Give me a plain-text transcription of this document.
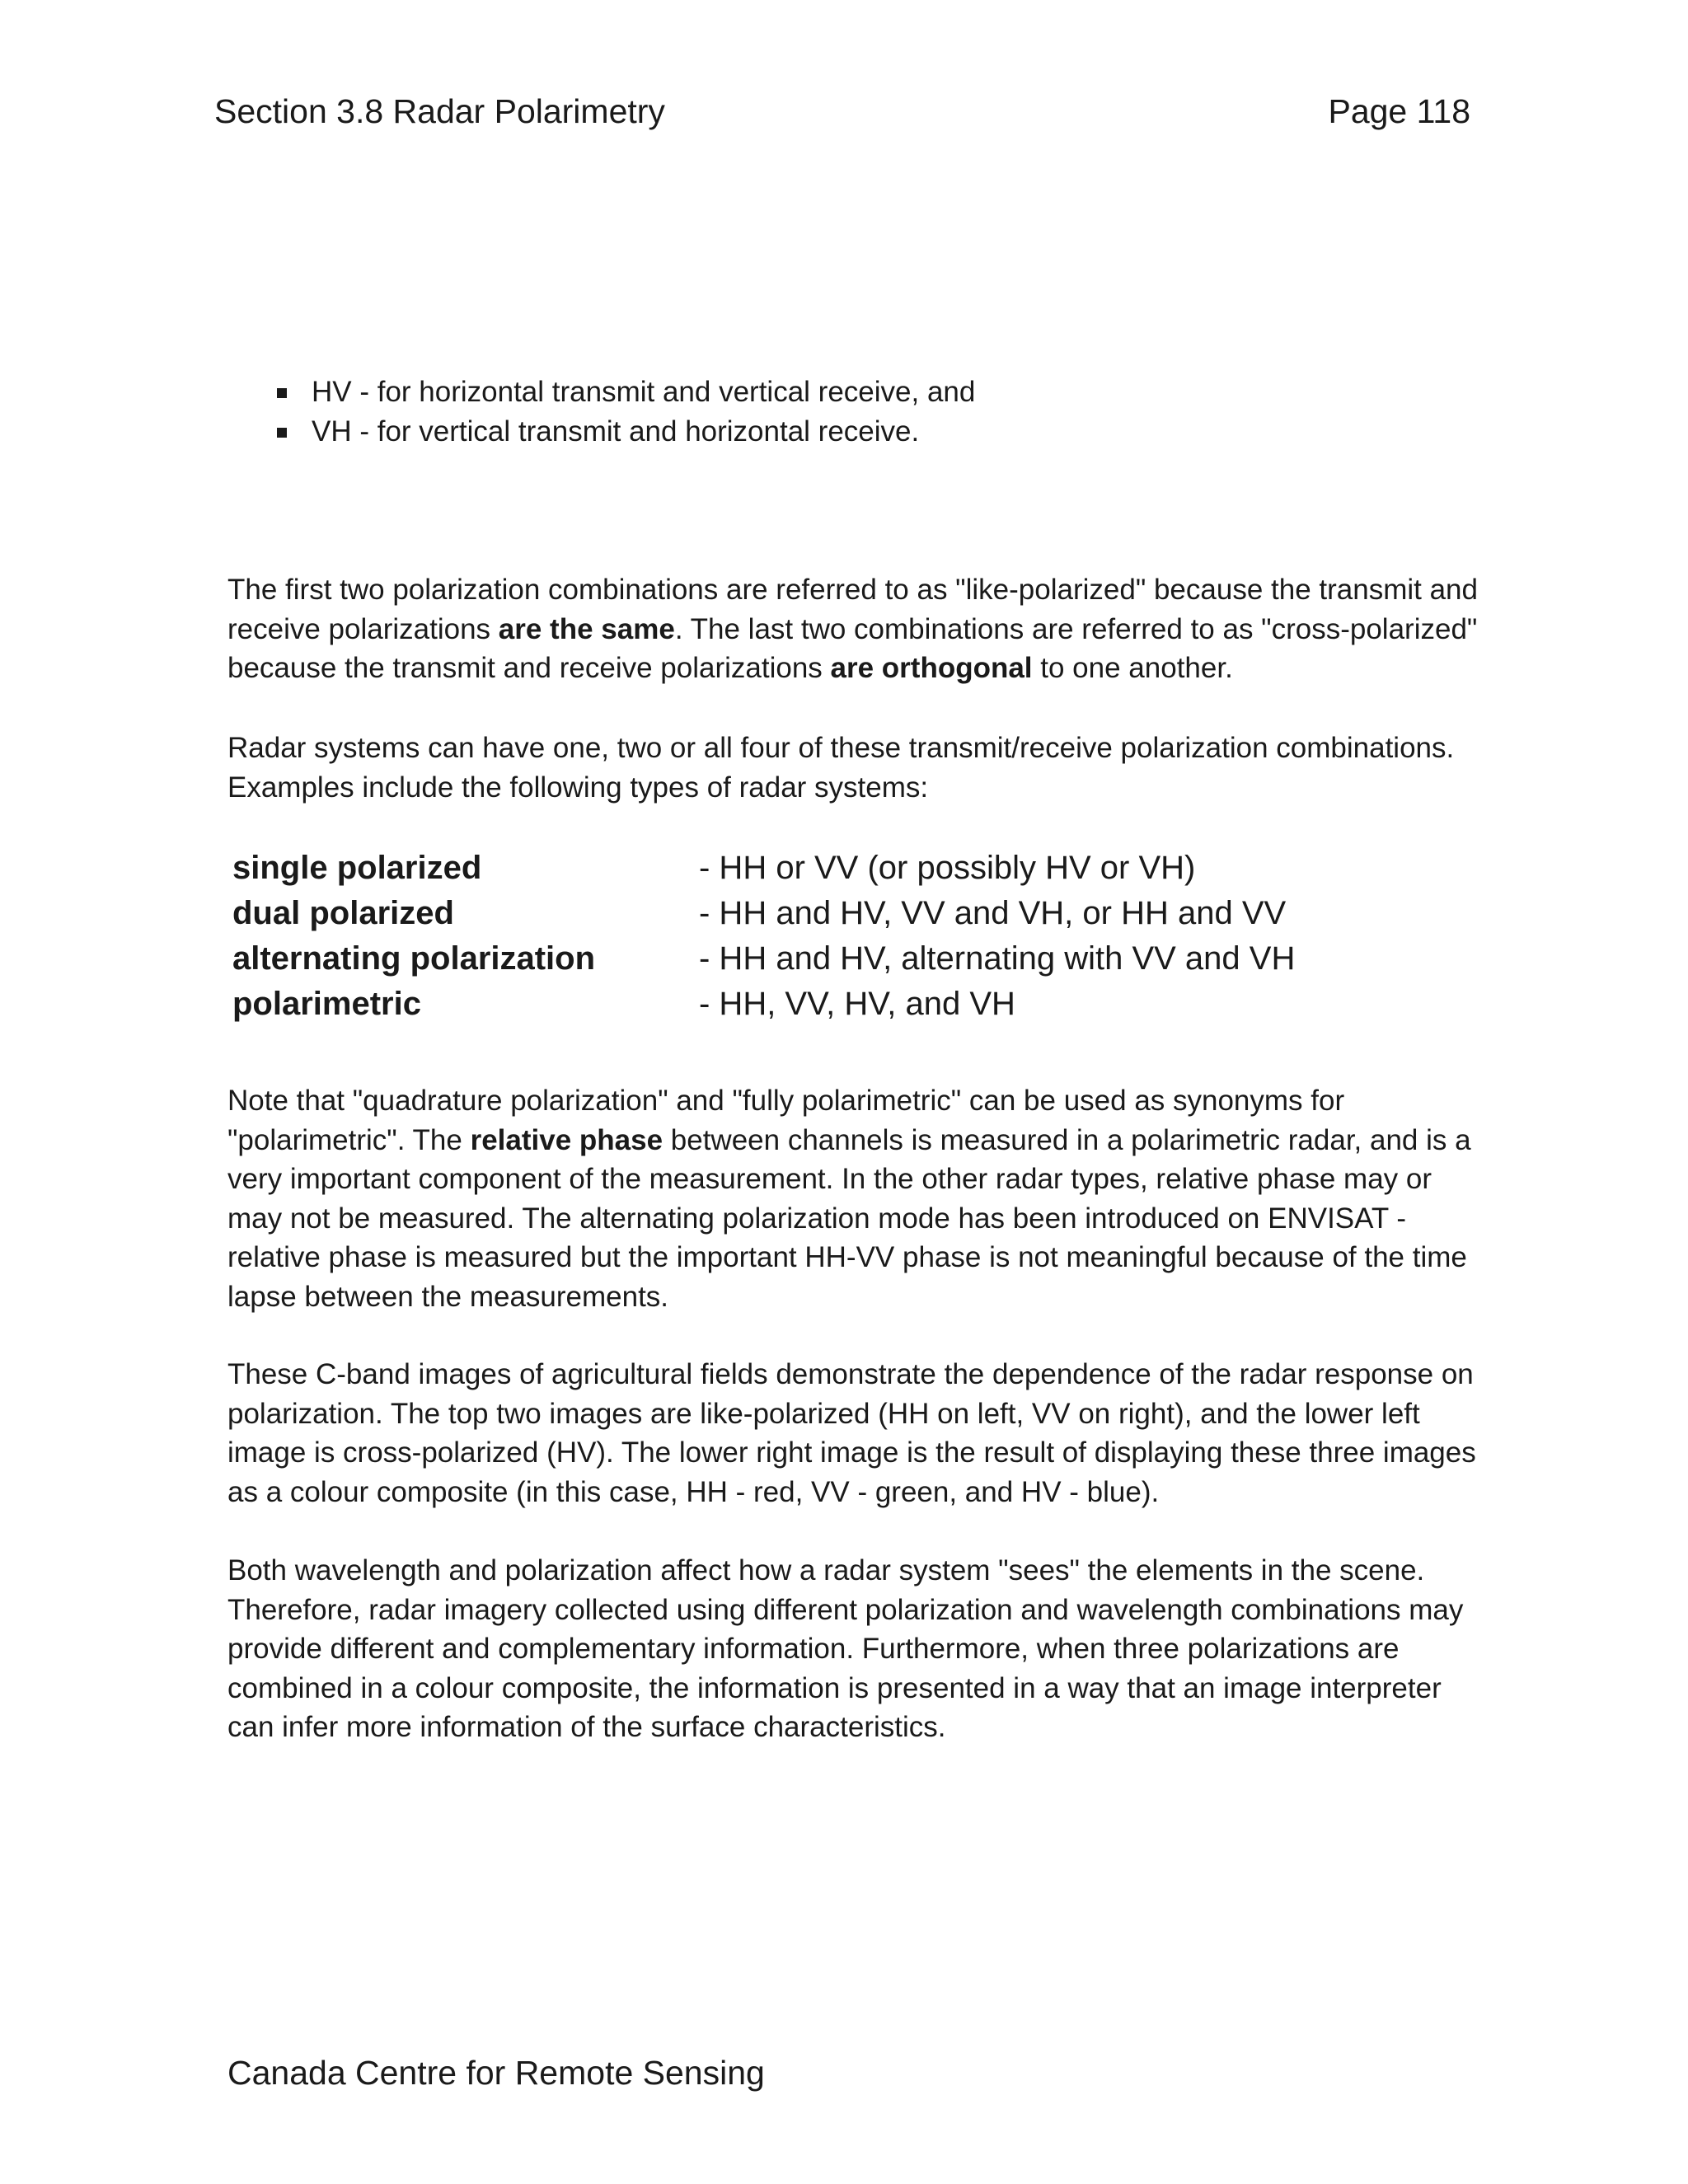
Section 3.8 Radar Polarimetry	Page 118
HV - for horizontal transmit and vertical receive, and
VH - for vertical transmit and horizontal receive.

The first two polarization combinations are referred to as "like-polarized" because the transmit and receive polarizations are the same. The last two combinations are referred to as "cross-polarized" because the transmit and receive polarizations are orthogonal to one another.

Radar systems can have one, two or all four of these transmit/receive polarization combinations. Examples include the following types of radar systems:

single polarized	- HH or VV (or possibly HV or VH)
dual polarized	- HH and HV, VV and VH, or HH and VV
alternating polarization	- HH and HV, alternating with VV and VH
polarimetric	- HH, VV, HV, and VH

Note that "quadrature polarization" and "fully polarimetric" can be used as synonyms for "polarimetric". The relative phase between channels is measured in a polarimetric radar, and is a very important component of the measurement. In the other radar types, relative phase may or may not be measured. The alternating polarization mode has been introduced on ENVISAT - relative phase is measured but the important HH-VV phase is not meaningful because of the time lapse between the measurements.

These C-band images of agricultural fields demonstrate the dependence of the radar response on polarization. The top two images are like-polarized (HH on left, VV on right), and the lower left image is cross-polarized (HV). The lower right image is the result of displaying these three images as a colour composite (in this case, HH - red, VV - green, and HV - blue).

Both wavelength and polarization affect how a radar system "sees" the elements in the scene. Therefore, radar imagery collected using different polarization and wavelength combinations may provide different and complementary information. Furthermore, when three polarizations are combined in a colour composite, the information is presented in a way that an image interpreter can infer more information of the surface characteristics.

Canada Centre for Remote Sensing
